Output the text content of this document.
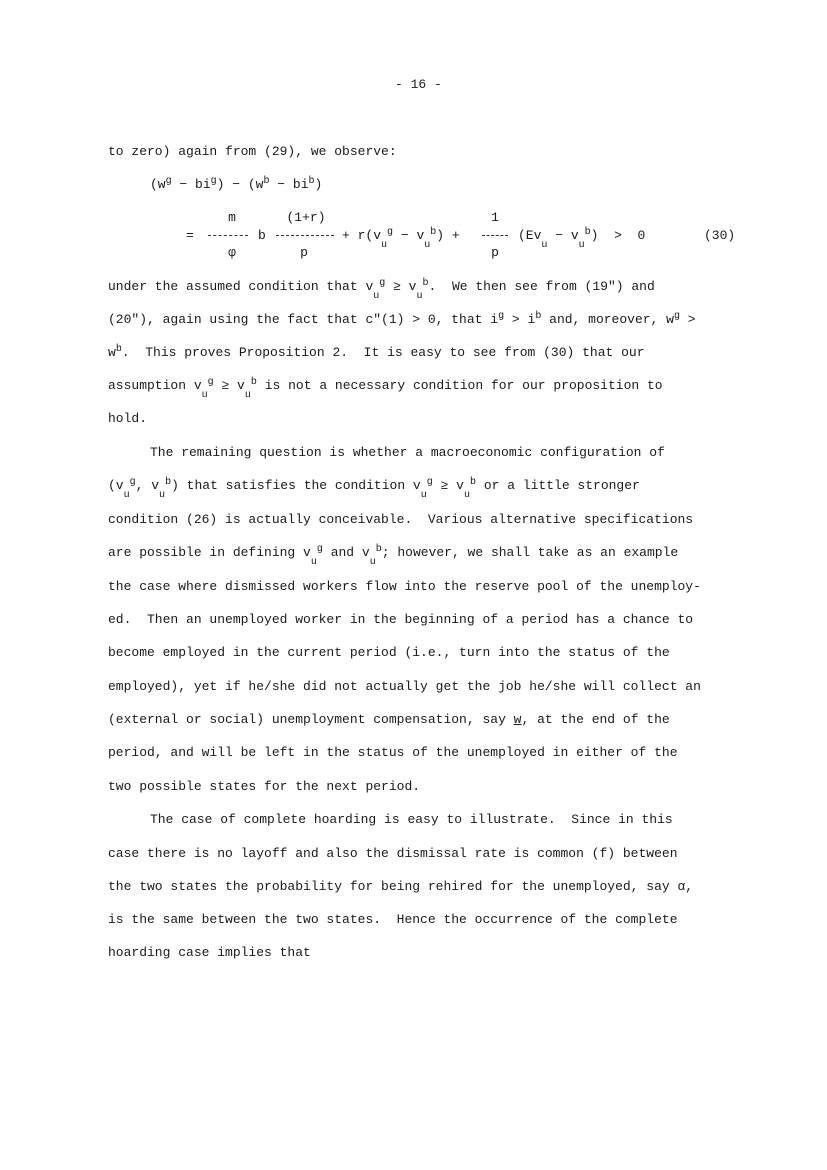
- 16 -
to zero) again from (29), we observe:
$(w^g - bi^g) - (w^b - bi^b)$
=
m
φ
b
(1+r)
p
+ $r(v_u^g - v_u^b)$ +
1
p
$(Ev_u - v_u^b) > 0$	(30)
under the assumed condition that $v_u^g \ge v_u^b$.  We then see from (19") and
(20"), again using the fact that c"(1) > 0, that $i^g > i^b$ and, moreover, $w^g$ >
$w^b$.  This proves Proposition 2.  It is easy to see from (30) that our
assumption $v_u^g \ge v_u^b$ is not a necessary condition for our proposition to
hold.
The remaining question is whether a macroeconomic configuration of
($v_u^g$, $v_u^b$) that satisfies the condition $v_u^g \ge v_u^b$ or a little stronger
condition (26) is actually conceivable.  Various alternative specifications
are possible in defining $v_u^g$ and $v_u^b$; however, we shall take as an example
the case where dismissed workers flow into the reserve pool of the unemploy-
ed.  Then an unemployed worker in the beginning of a period has a chance to
become employed in the current period (i.e., turn into the status of the
employed), yet if he/she did not actually get the job he/she will collect an
(external or social) unemployment compensation, say w, at the end of the
period, and will be left in the status of the unemployed in either of the
two possible states for the next period.
The case of complete hoarding is easy to illustrate.  Since in this
case there is no layoff and also the dismissal rate is common (f) between
the two states the probability for being rehired for the unemployed, say α,
is the same between the two states.  Hence the occurrence of the complete
hoarding case implies that
